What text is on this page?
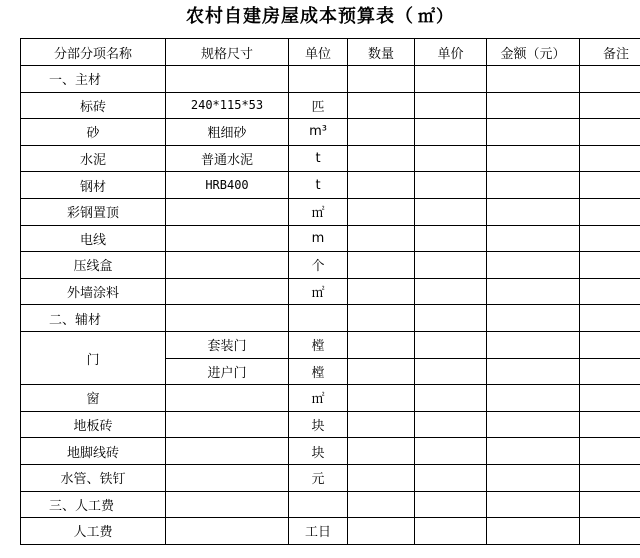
农村自建房屋成本预算表（ ㎡）
分部分项名称	规格尺寸	单位	数量	单价	金额（元）	备注
一、主材						
标砖	240*115*53	匹				
砂	粗细砂	m³				
水泥	普通水泥	t				
钢材	HRB400	t				
彩钢置顶		㎡				
电线		m				
压线盒		个				
外墙涂料		㎡				
二、辅材						
门	套装门	樘				
	进户门	樘				
窗		㎡				
地板砖		块				
地脚线砖		块				
水管、铁钉		元				
三、人工费						
人工费		工日				
